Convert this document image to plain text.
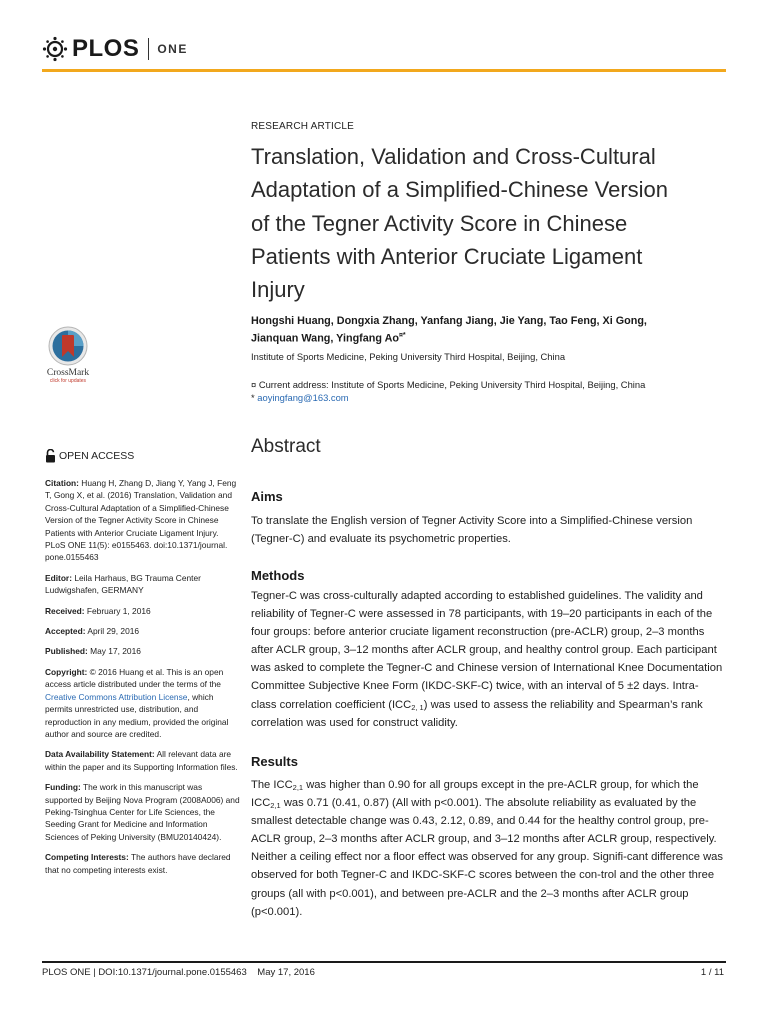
PLOS ONE
CrossMark
click for updates
OPEN ACCESS
Citation: Huang H, Zhang D, Jiang Y, Yang J, Feng T, Gong X, et al. (2016) Translation, Validation and Cross-Cultural Adaptation of a Simplified-Chinese Version of the Tegner Activity Score in Chinese Patients with Anterior Cruciate Ligament Injury. PLoS ONE 11(5): e0155463. doi:10.1371/journal. pone.0155463
Editor: Leila Harhaus, BG Trauma Center Ludwigshafen, GERMANY
Received: February 1, 2016
Accepted: April 29, 2016
Published: May 17, 2016
Copyright: © 2016 Huang et al. This is an open access article distributed under the terms of the Creative Commons Attribution License, which permits unrestricted use, distribution, and reproduction in any medium, provided the original author and source are credited.
Data Availability Statement: All relevant data are within the paper and its Supporting Information files.
Funding: The work in this manuscript was supported by Beijing Nova Program (2008A006) and Peking-Tsinghua Center for Life Sciences, the Seeding Grant for Medicine and Information Sciences of Peking University (BMU20140424).
Competing Interests: The authors have declared that no competing interests exist.
RESEARCH ARTICLE
Translation, Validation and Cross-Cultural
Adaptation of a Simplified-Chinese Version
of the Tegner Activity Score in Chinese
Patients with Anterior Cruciate Ligament
Injury
Hongshi Huang, Dongxia Zhang, Yanfang Jiang, Jie Yang, Tao Feng, Xi Gong,
Jianquan Wang, Yingfang Ao¤*
Institute of Sports Medicine, Peking University Third Hospital, Beijing, China
¤ Current address: Institute of Sports Medicine, Peking University Third Hospital, Beijing, China
* aoyingfang@163.com
Abstract
Aims
To translate the English version of Tegner Activity Score into a Simplified-Chinese version (Tegner-C) and evaluate its psychometric properties.
Methods

Tegner-C was cross-culturally adapted according to established guidelines. The validity and reliability of Tegner-C were assessed in 78 participants, with 19–20 participants in each of the four groups: before anterior cruciate ligament reconstruction (pre-ACLR) group, 2–3 months after ACLR group, 3–12 months after ACLR group, and healthy control group. Each participant was asked to complete the Tegner-C and Chinese version of International Knee Documentation Committee Subjective Knee Form (IKDC-SKF-C) twice, with an interval of 5 ±2 days. Intra-class correlation coefficient $(ICC_{2, 1})$ was used to assess the reliability and Spearman’s rank correlation was used for construct validity.

Results

The $ICC_{2,1}$ was higher than 0.90 for all groups except in the pre-ACLR group, for which the $ICC_{2,1}$ was 0.71 (0.41, 0.87) (All with p<0.001). The absolute reliability as evaluated by the smallest detectable change was 0.43, 2.12, 0.89, and 0.44 for the healthy control group, pre-ACLR group, 2–3 months after ACLR group, and 3–12 months after ACLR group, respectively. Neither a ceiling effect nor a floor effect was observed for any group. Signifi-cant difference was observed for both Tegner-C and IKDC-SKF-C scores between the con-trol and the other three groups (all with p<0.001), and between pre-ACLR and the 2–3 months after ACLR group (p<0.001).

PLOS ONE | DOI:10.1371/journal.pone.0155463    May 17, 2016	1 / 11
